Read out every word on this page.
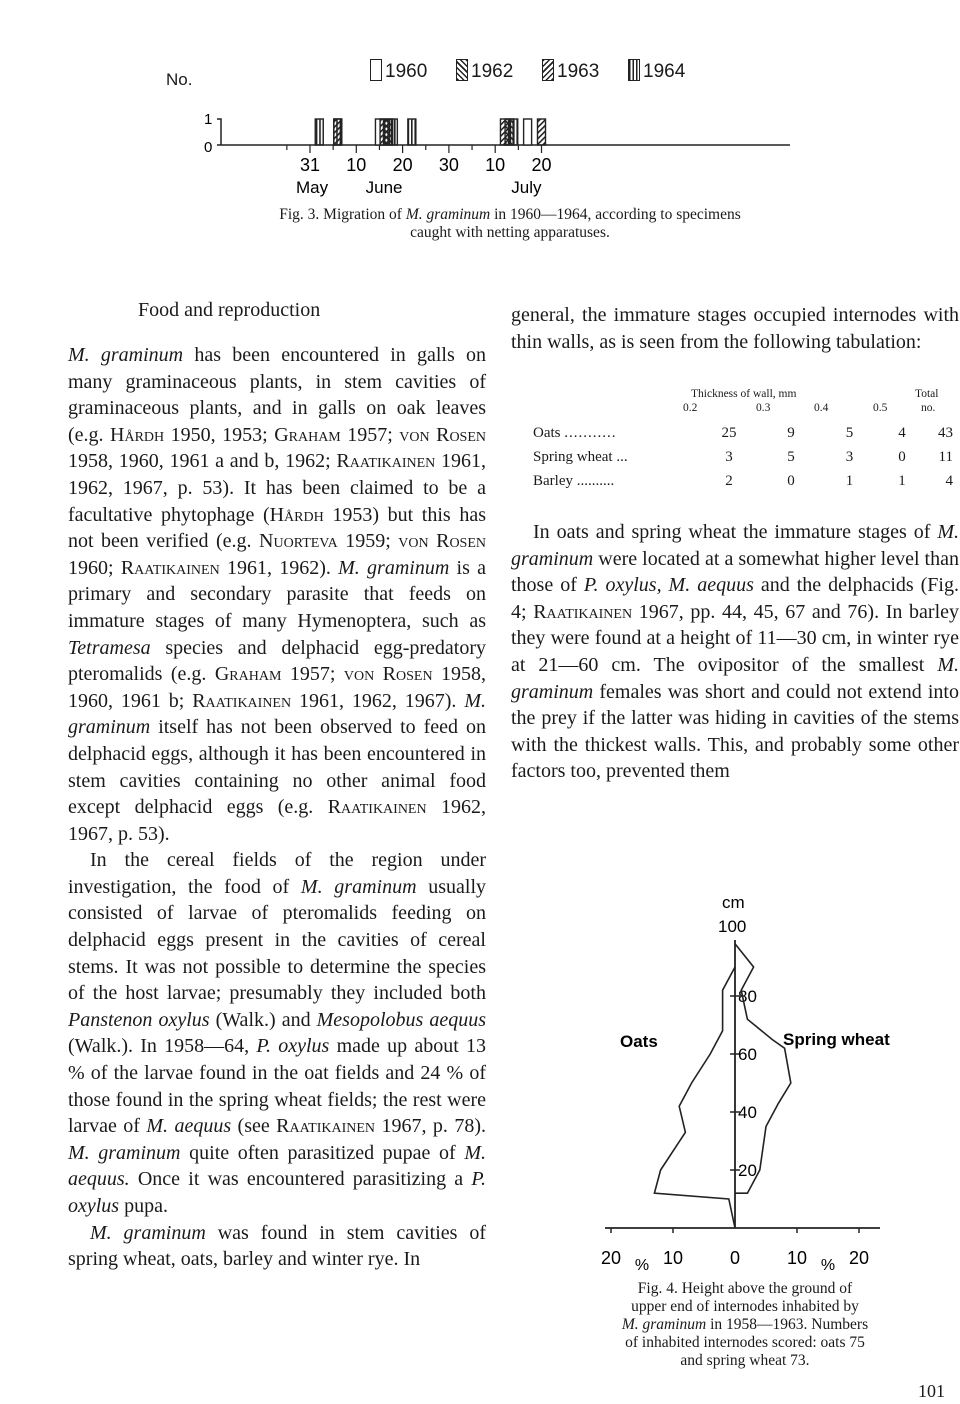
No.	1960	1962	1963	1964
1
0
31 10 20 30 10 20
May June	July
Fig. 3. Migration of M. graminum in 1960—1964, according to specimens
caught with netting apparatuses.
Food and reproduction

M. graminum has been encountered in galls on many graminaceous plants, in stem cavities of graminaceous plants, and in galls on oak leaves (e.g. Hårdh 1950, 1953; Graham 1957; von Rosen 1958, 1960, 1961 a and b, 1962; Raatikainen 1961, 1962, 1967, p. 53). It has been claimed to be a facultative phytophage (Hårdh 1953) but this has not been verified (e.g. Nuorteva 1959; von Rosen 1960; Raatikainen 1961, 1962). M. graminum is a primary and secondary parasite that feeds on immature stages of many Hymenoptera, such as Tetramesa species and delphacid egg-predatory pteromalids (e.g. Graham 1957; von Rosen 1958, 1960, 1961 b; Raatikainen 1961, 1962, 1967). M. graminum itself has not been observed to feed on delphacid eggs, although it has been encountered in stem cavities containing no other animal food except delphacid eggs (e.g. Raatikainen 1962, 1967, p. 53).

In the cereal fields of the region under investigation, the food of M. graminum usually consisted of larvae of pteromalids feeding on delphacid eggs present in the cavities of cereal stems. It was not possible to determine the species of the host larvae; presumably they included both Panstenon oxylus (Walk.) and Mesopolobus aequus (Walk.). In 1958—64, P. oxylus made up about 13 % of the larvae found in the oat fields and 24 % of those found in the spring wheat fields; the rest were larvae of M. aequus (see Raatikainen 1967, p. 78). M. graminum quite often parasitized pupae of M. aequus. Once it was encountered parasitizing a P. oxylus pupa.

M. graminum was found in stem cavities of spring wheat, oats, barley and winter rye. In

general, the immature stages occupied internodes with thin walls, as is seen from the following tabulation:

Thickness of wall, mm	Total
0.2	0.3	0.4	0.5	no.
Oats ...........	25	9	5	4	43
Spring wheat ...	3	5	3	0	11
Barley ..........	2	0	1	1	4

In oats and spring wheat the immature stages of M. graminum were located at a somewhat higher level than those of P. oxylus, M. aequus and the delphacids (Fig. 4; Raatikainen 1967, pp. 44, 45, 67 and 76). In barley they were found at a height of 11—30 cm, in winter rye at 21—60 cm. The ovipositor of the smallest M. graminum females was short and could not extend into the prey if the latter was hiding in cavities of the stems with the thickest walls. This, and probably some other factors too, prevented them

cm
100
80
60
40
20
Oats	Spring wheat
20 10	0	10 20
%	%
Fig. 4. Height above the ground of
upper end of internodes inhabited by
M. graminum in 1958—1963. Numbers
of inhabited internodes scored: oats 75
and spring wheat 73.
101
